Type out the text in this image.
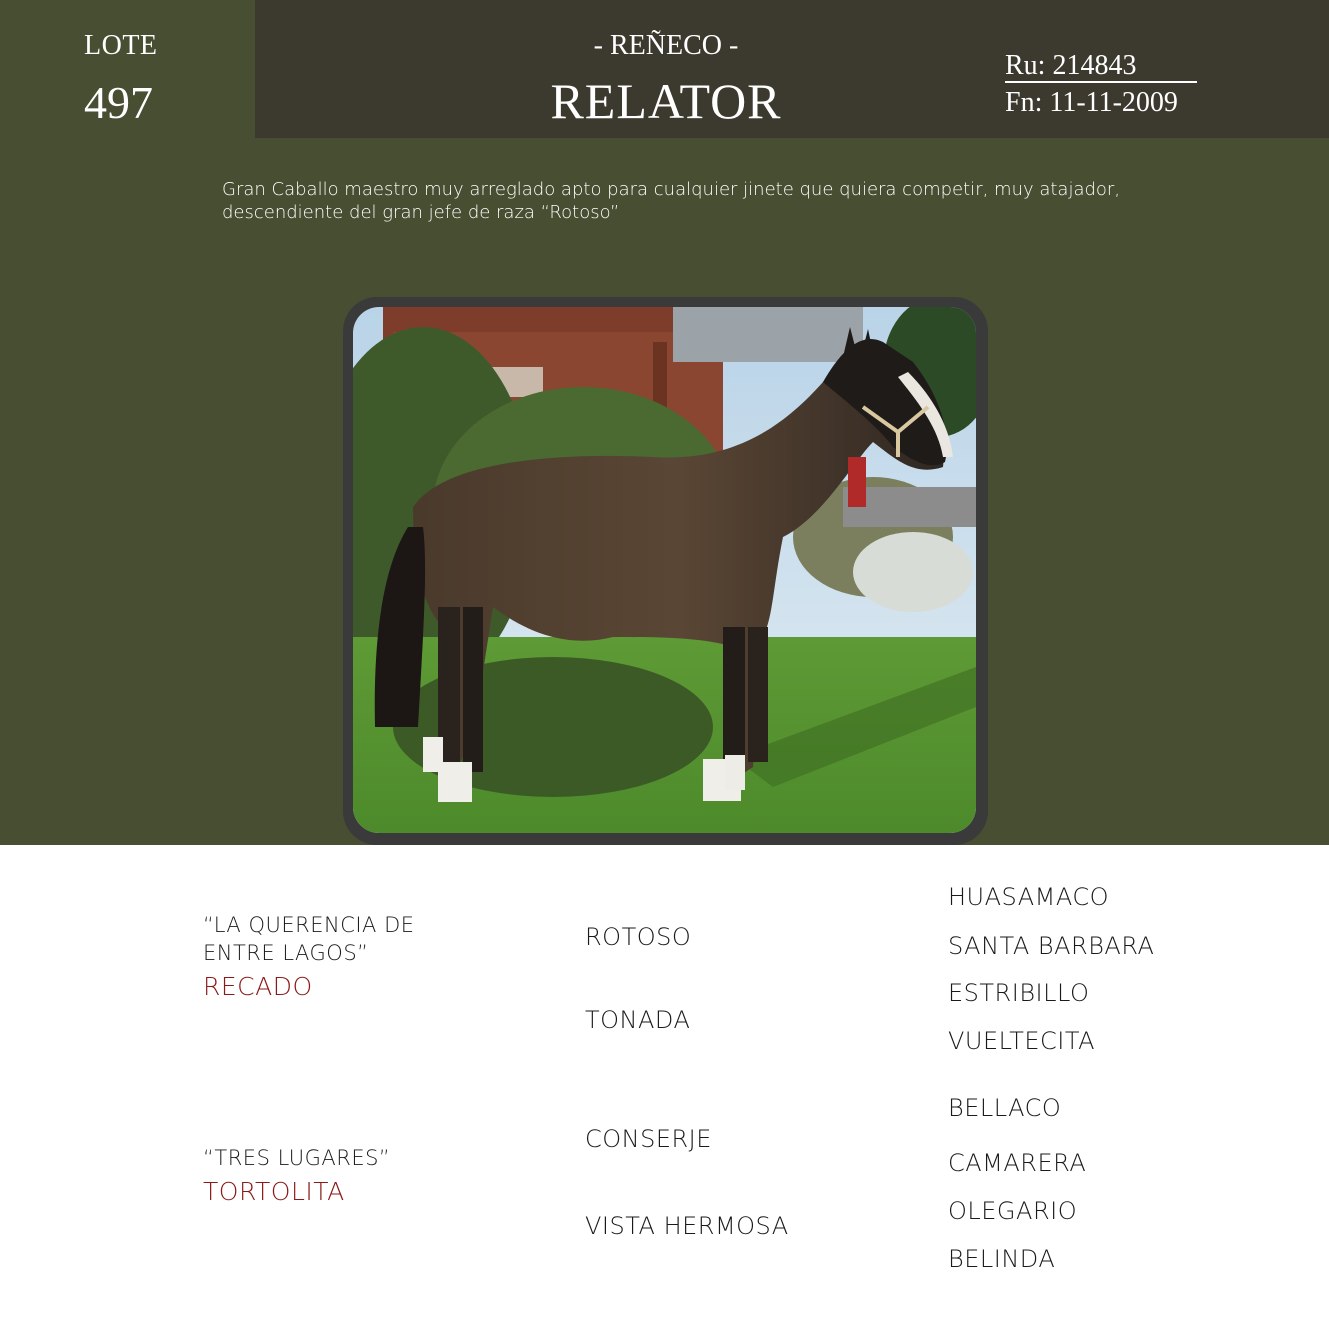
LOTE
497
- REÑECO -
RELATOR
Ru: 214843
Fn: 11-11-2009
Gran Caballo maestro muy arreglado apto para cualquier jinete que quiera competir, muy atajador, descendiente del gran jefe de raza “Rotoso”
“LA QUERENCIA DE ENTRE LAGOS”
RECADO
ROTOSO
TONADA
HUASAMACO
SANTA BARBARA
ESTRIBILLO
VUELTECITA
“TRES LUGARES”
TORTOLITA
CONSERJE
VISTA HERMOSA
BELLACO
CAMARERA
OLEGARIO
BELINDA
